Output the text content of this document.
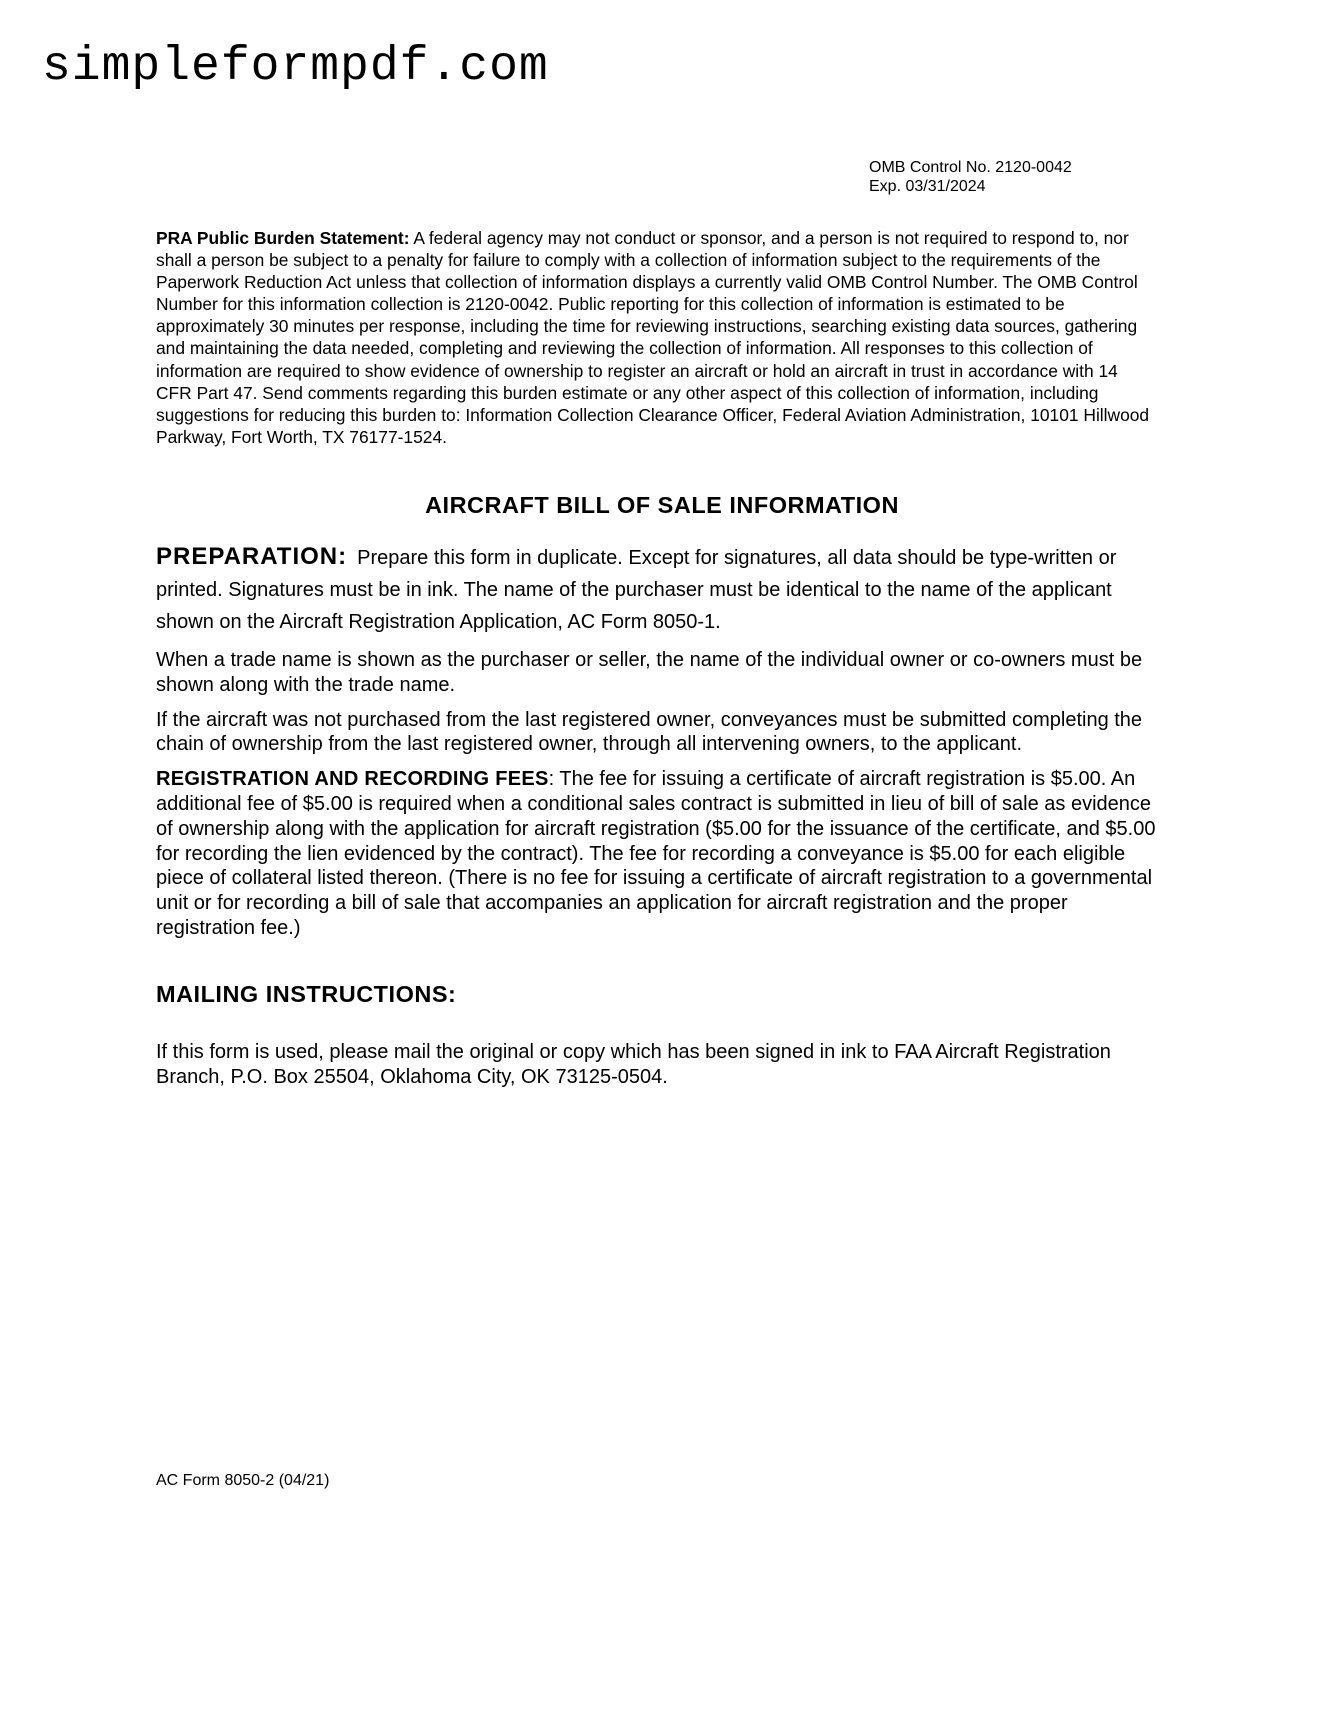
simpleformpdf.com
OMB Control No. 2120-0042
Exp. 03/31/2024

PRA Public Burden Statement: A federal agency may not conduct or sponsor, and a person is not required to respond to, nor shall a person be subject to a penalty for failure to comply with a collection of information subject to the requirements of the Paperwork Reduction Act unless that collection of information displays a currently valid OMB Control Number. The OMB Control Number for this information collection is 2120-0042. Public reporting for this collection of information is estimated to be approximately 30 minutes per response, including the time for reviewing instructions, searching existing data sources, gathering and maintaining the data needed, completing and reviewing the collection of information. All responses to this collection of information are required to show evidence of ownership to register an aircraft or hold an aircraft in trust in accordance with 14 CFR Part 47. Send comments regarding this burden estimate or any other aspect of this collection of information, including suggestions for reducing this burden to: Information Collection Clearance Officer, Federal Aviation Administration, 10101 Hillwood Parkway, Fort Worth, TX 76177-1524.

AIRCRAFT BILL OF SALE INFORMATION

PREPARATION: Prepare this form in duplicate. Except for signatures, all data should be type-written or printed. Signatures must be in ink. The name of the purchaser must be identical to the name of the applicant shown on the Aircraft Registration Application, AC Form 8050-1.

When a trade name is shown as the purchaser or seller, the name of the individual owner or co-owners must be shown along with the trade name.

If the aircraft was not purchased from the last registered owner, conveyances must be submitted completing the chain of ownership from the last registered owner, through all intervening owners, to the applicant.

REGISTRATION AND RECORDING FEES: The fee for issuing a certificate of aircraft registration is $5.00. An additional fee of $5.00 is required when a conditional sales contract is submitted in lieu of bill of sale as evidence of ownership along with the application for aircraft registration ($5.00 for the issuance of the certificate, and $5.00 for recording the lien evidenced by the contract). The fee for recording a conveyance is $5.00 for each eligible piece of collateral listed thereon. (There is no fee for issuing a certificate of aircraft registration to a governmental unit or for recording a bill of sale that accompanies an application for aircraft registration and the proper registration fee.)

MAILING INSTRUCTIONS:

If this form is used, please mail the original or copy which has been signed in ink to FAA Aircraft Registration Branch, P.O. Box 25504, Oklahoma City, OK 73125-0504.

AC Form 8050-2 (04/21)
